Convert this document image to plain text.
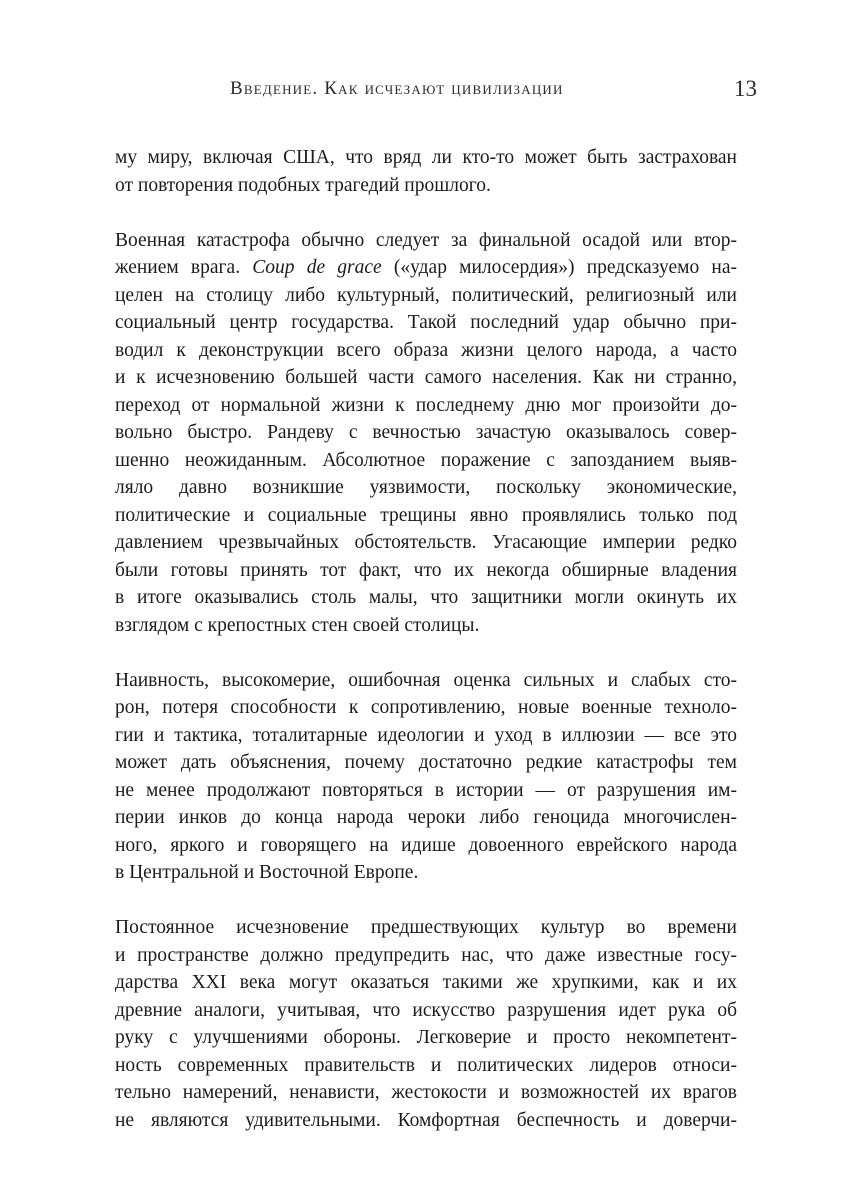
Введение. Как исчезают цивилизации	13
му миру, включая США, что вряд ли кто-то может быть застрахован
от повторения подобных трагедий прошлого.
Военная катастрофа обычно следует за финальной осадой или втор-
жением врага. Coup de grace («удар милосердия») предсказуемо на-
целен на столицу либо культурный, политический, религиозный или
социальный центр государства. Такой последний удар обычно при-
водил к деконструкции всего образа жизни целого народа, а часто
и к исчезновению большей части самого населения. Как ни странно,
переход от нормальной жизни к последнему дню мог произойти до-
вольно быстро. Рандеву с вечностью зачастую оказывалось совер-
шенно неожиданным. Абсолютное поражение с запозданием выяв-
ляло давно возникшие уязвимости, поскольку экономические,
политические и социальные трещины явно проявлялись только под
давлением чрезвычайных обстоятельств. Угасающие империи редко
были готовы принять тот факт, что их некогда обширные владения
в итоге оказывались столь малы, что защитники могли окинуть их
взглядом с крепостных стен своей столицы.
Наивность, высокомерие, ошибочная оценка сильных и слабых сто-
рон, потеря способности к сопротивлению, новые военные техноло-
гии и тактика, тоталитарные идеологии и уход в иллюзии — все это
может дать объяснения, почему достаточно редкие катастрофы тем
не менее продолжают повторяться в истории — от разрушения им-
перии инков до конца народа чероки либо геноцида многочислен-
ного, яркого и говорящего на идише довоенного еврейского народа
в Центральной и Восточной Европе.
Постоянное исчезновение предшествующих культур во времени
и пространстве должно предупредить нас, что даже известные госу-
дарства XXI века могут оказаться такими же хрупкими, как и их
древние аналоги, учитывая, что искусство разрушения идет рука об
руку с улучшениями обороны. Легковерие и просто некомпетент-
ность современных правительств и политических лидеров относи-
тельно намерений, ненависти, жестокости и возможностей их врагов
не являются удивительными. Комфортная беспечность и доверчи-
